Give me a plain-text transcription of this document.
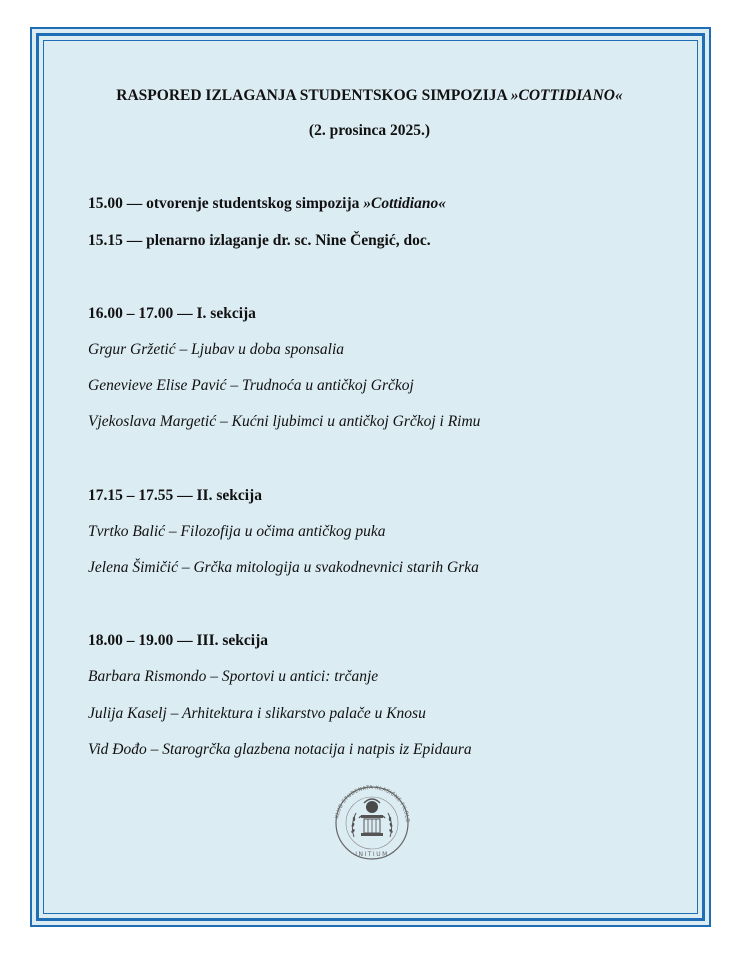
RASPORED IZLAGANJA STUDENTSKOG SIMPOZIJA »COTTIDIANO«
(2. prosinca 2025.)
15.00 — otvorenje studentskog simpozija »Cottidiano«
15.15 — plenarno izlaganje dr. sc. Nine Čengić, doc.
16.00 – 17.00 — I. sekcija
Grgur Gržetić – Ljubav u doba sponsalia
Genevieve Elise Pavić – Trudnoća u antičkoj Grčkoj
Vjekoslava Margetić – Kućni ljubimci u antičkoj Grčkoj i Rimu
17.15 – 17.55 — II. sekcija
Tvrtko Balić – Filozofija u očima antičkog puka
Jelena Šimičić – Grčka mitologija u svakodnevnici starih Grka
18.00 – 19.00 — III. sekcija
Barbara Rismondo – Sportovi u antici: trčanje
Julija Kaselj – Arhitektura i slikarstvo palače u Knosu
Vid Đođo – Starogrčka glazbena notacija i natpis iz Epidaura
KLUB STUDENATA KLASIČNE FILOLO
INITIUM
